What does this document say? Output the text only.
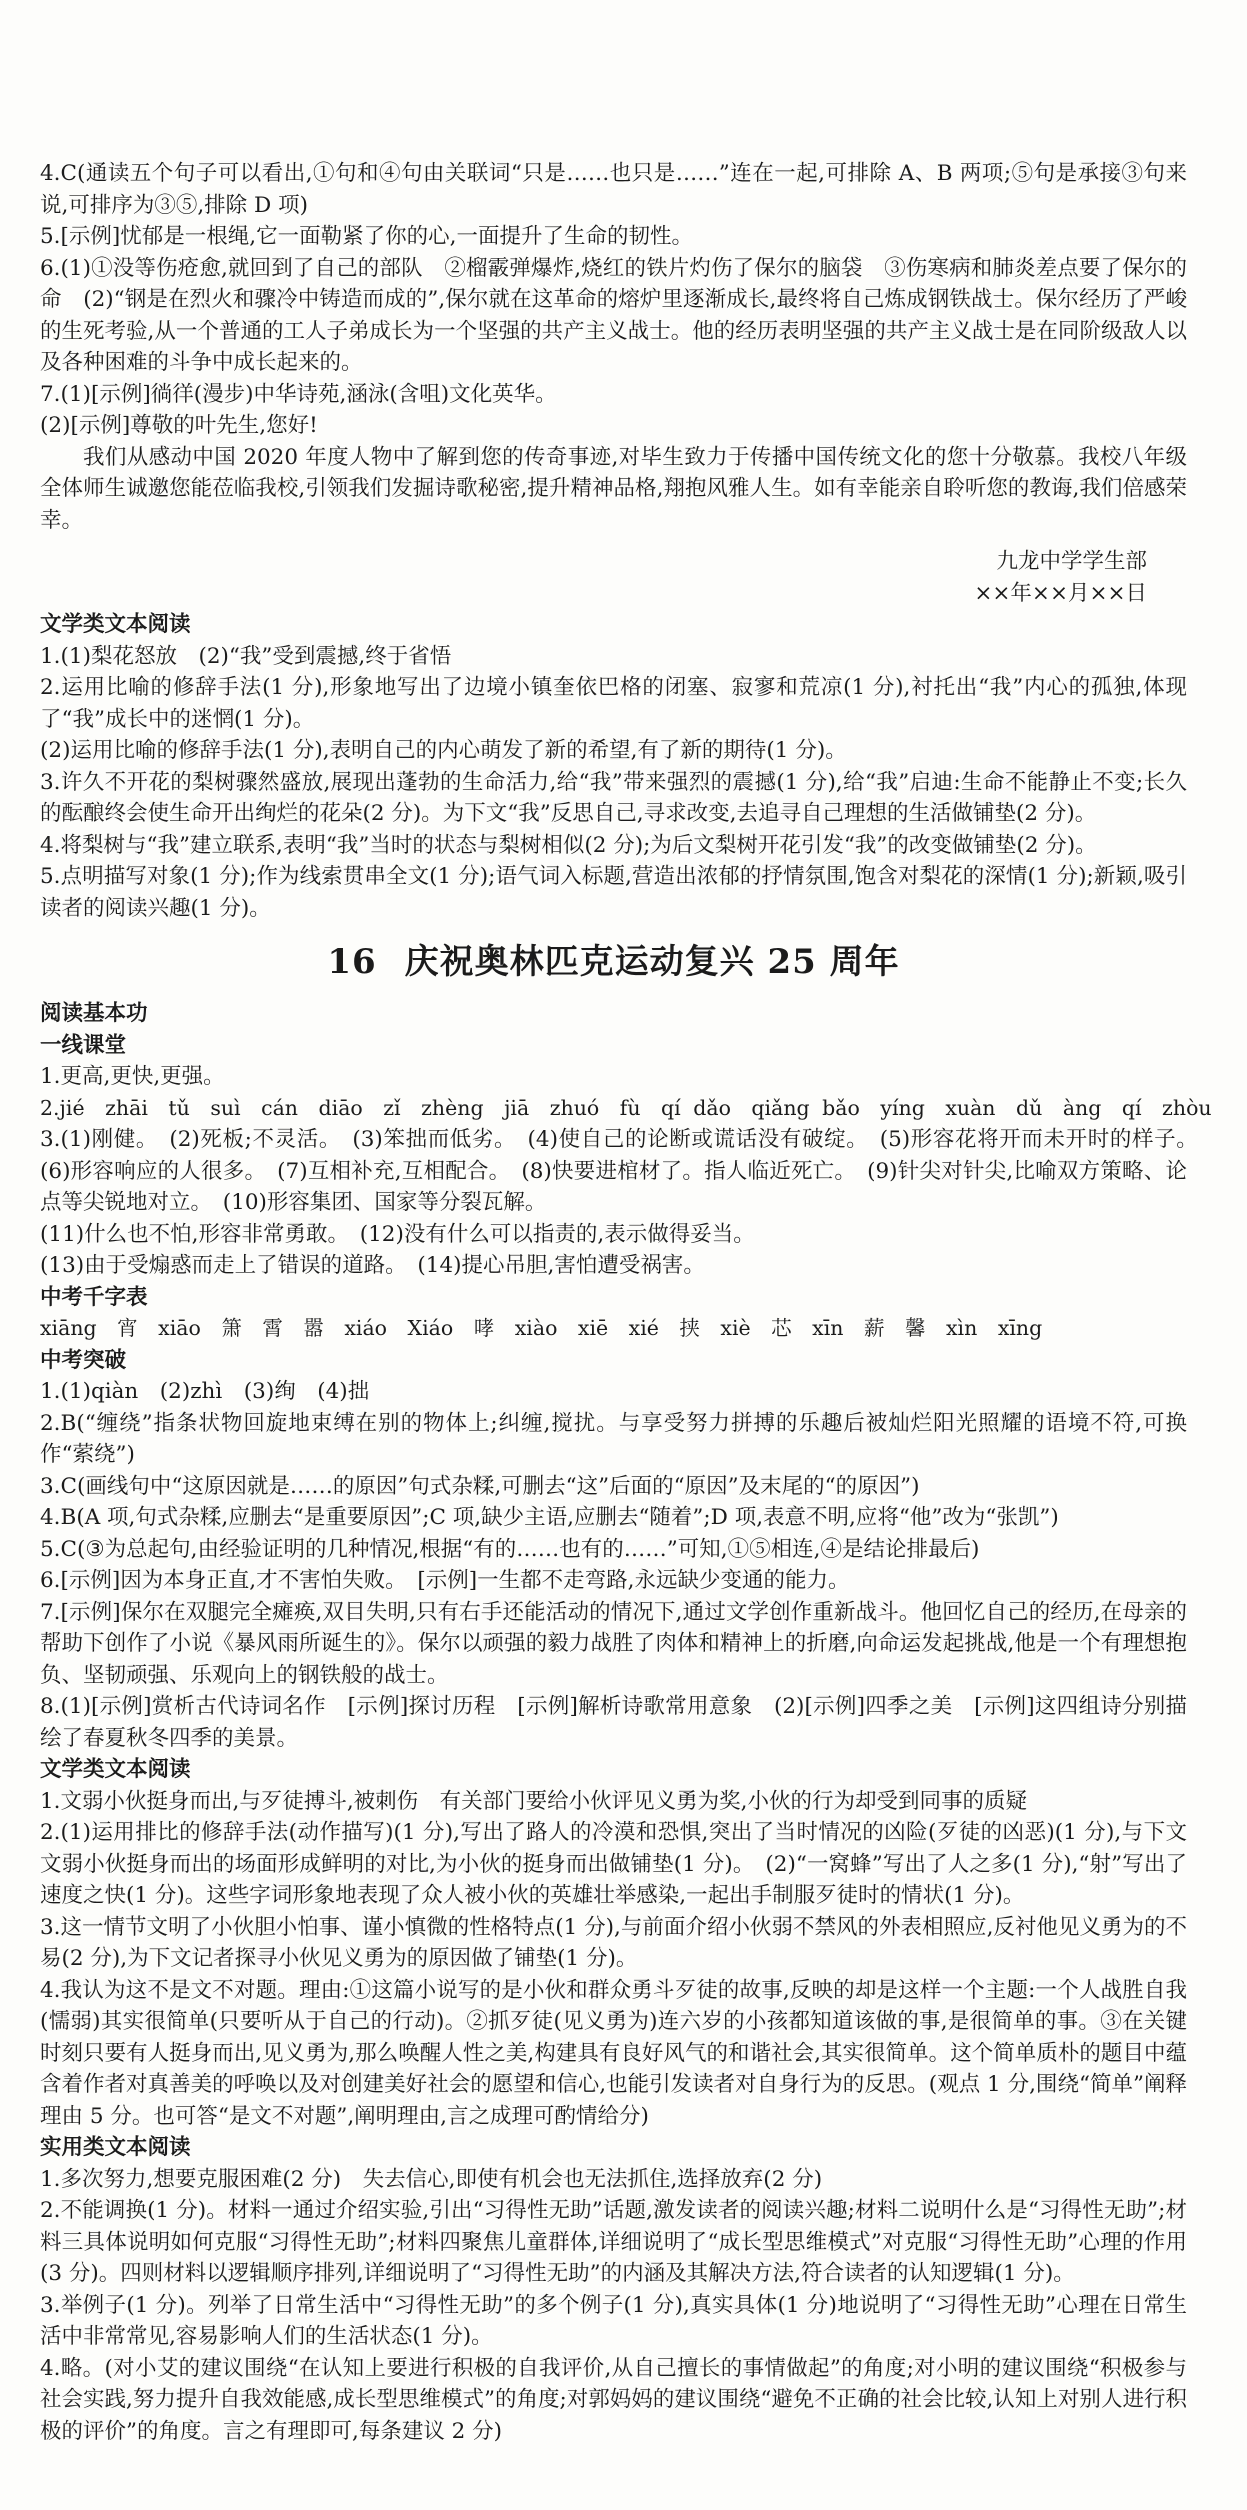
4.C(通读五个句子可以看出,①句和④句由关联词“只是……也只是……”连在一起,可排除 A、B 两项;⑤句是承接③句来说,可排序为③⑤,排除 D 项)

5.[示例]忧郁是一根绳,它一面勒紧了你的心,一面提升了生命的韧性。

6.(1)①没等伤疮愈,就回到了自己的部队　②榴霰弹爆炸,烧红的铁片灼伤了保尔的脑袋　③伤寒病和肺炎差点要了保尔的命　(2)“钢是在烈火和骤冷中铸造而成的”,保尔就在这革命的熔炉里逐渐成长,最终将自己炼成钢铁战士。保尔经历了严峻的生死考验,从一个普通的工人子弟成长为一个坚强的共产主义战士。他的经历表明坚强的共产主义战士是在同阶级敌人以及各种困难的斗争中成长起来的。

7.(1)[示例]徜徉(漫步)中华诗苑,涵泳(含咀)文化英华。

(2)[示例]尊敬的叶先生,您好!

我们从感动中国 2020 年度人物中了解到您的传奇事迹,对毕生致力于传播中国传统文化的您十分敬慕。我校八年级全体师生诚邀您能莅临我校,引领我们发掘诗歌秘密,提升精神品格,翔抱风雅人生。如有幸能亲自聆听您的教诲,我们倍感荣幸。

九龙中学学生部

××年××月××日

文学类文本阅读

1.(1)梨花怒放　(2)“我”受到震撼,终于省悟

2.运用比喻的修辞手法(1 分),形象地写出了边境小镇奎依巴格的闭塞、寂寥和荒凉(1 分),衬托出“我”内心的孤独,体现了“我”成长中的迷惘(1 分)。

(2)运用比喻的修辞手法(1 分),表明自己的内心萌发了新的希望,有了新的期待(1 分)。

3.许久不开花的梨树骤然盛放,展现出蓬勃的生命活力,给“我”带来强烈的震撼(1 分),给“我”启迪:生命不能静止不变;长久的酝酿终会使生命开出绚烂的花朵(2 分)。为下文“我”反思自己,寻求改变,去追寻自己理想的生活做铺垫(2 分)。

4.将梨树与“我”建立联系,表明“我”当时的状态与梨树相似(2 分);为后文梨树开花引发“我”的改变做铺垫(2 分)。

5.点明描写对象(1 分);作为线索贯串全文(1 分);语气词入标题,营造出浓郁的抒情氛围,饱含对梨花的深情(1 分);新颖,吸引读者的阅读兴趣(1 分)。

16 庆祝奥林匹克运动复兴 25 周年

阅读基本功

一线课堂

1.更高,更快,更强。

2.jié　zhāi　tǔ　suì　cán　diāo　zǐ　zhèng　jiā　zhuó　fù　qí dǎo　qiǎng bǎo　yíng　xuàn　dǔ　àng　qí　zhòu

3.(1)刚健。　(2)死板;不灵活。　(3)笨拙而低劣。　(4)使自己的论断或谎话没有破绽。　(5)形容花将开而未开时的样子。　(6)形容响应的人很多。　(7)互相补充,互相配合。　(8)快要进棺材了。指人临近死亡。　(9)针尖对针尖,比喻双方策略、论点等尖锐地对立。　(10)形容集团、国家等分裂瓦解。

(11)什么也不怕,形容非常勇敢。　(12)没有什么可以指责的,表示做得妥当。

(13)由于受煽惑而走上了错误的道路。　(14)提心吊胆,害怕遭受祸害。

中考千字表

xiāng　宵　xiāo　箫　霄　嚣　xiáo　Xiáo　哮　xiào　xiē　xié　挟　xiè　芯　xīn　薪　馨　xìn　xīng

中考突破

1.(1)qiàn　(2)zhì　(3)绚　(4)拙

2.B(“缠绕”指条状物回旋地束缚在别的物体上;纠缠,搅扰。与享受努力拼搏的乐趣后被灿烂阳光照耀的语境不符,可换作“萦绕”)

3.C(画线句中“这原因就是……的原因”句式杂糅,可删去“这”后面的“原因”及末尾的“的原因”)

4.B(A 项,句式杂糅,应删去“是重要原因”;C 项,缺少主语,应删去“随着”;D 项,表意不明,应将“他”改为“张凯”)

5.C(③为总起句,由经验证明的几种情况,根据“有的……也有的……”可知,①⑤相连,④是结论排最后)

6.[示例]因为本身正直,才不害怕失败。　[示例]一生都不走弯路,永远缺少变通的能力。

7.[示例]保尔在双腿完全瘫痪,双目失明,只有右手还能活动的情况下,通过文学创作重新战斗。他回忆自己的经历,在母亲的帮助下创作了小说《暴风雨所诞生的》。保尔以顽强的毅力战胜了肉体和精神上的折磨,向命运发起挑战,他是一个有理想抱负、坚韧顽强、乐观向上的钢铁般的战士。

8.(1)[示例]赏析古代诗词名作　[示例]探讨历程　[示例]解析诗歌常用意象　(2)[示例]四季之美　[示例]这四组诗分别描绘了春夏秋冬四季的美景。

文学类文本阅读

1.文弱小伙挺身而出,与歹徒搏斗,被刺伤　有关部门要给小伙评见义勇为奖,小伙的行为却受到同事的质疑

2.(1)运用排比的修辞手法(动作描写)(1 分),写出了路人的冷漠和恐惧,突出了当时情况的凶险(歹徒的凶恶)(1 分),与下文文弱小伙挺身而出的场面形成鲜明的对比,为小伙的挺身而出做铺垫(1 分)。　(2)“一窝蜂”写出了人之多(1 分),“射”写出了速度之快(1 分)。这些字词形象地表现了众人被小伙的英雄壮举感染,一起出手制服歹徒时的情状(1 分)。

3.这一情节文明了小伙胆小怕事、谨小慎微的性格特点(1 分),与前面介绍小伙弱不禁风的外表相照应,反衬他见义勇为的不易(2 分),为下文记者探寻小伙见义勇为的原因做了铺垫(1 分)。

4.我认为这不是文不对题。理由:①这篇小说写的是小伙和群众勇斗歹徒的故事,反映的却是这样一个主题:一个人战胜自我(懦弱)其实很简单(只要听从于自己的行动)。②抓歹徒(见义勇为)连六岁的小孩都知道该做的事,是很简单的事。③在关键时刻只要有人挺身而出,见义勇为,那么唤醒人性之美,构建具有良好风气的和谐社会,其实很简单。这个简单质朴的题目中蕴含着作者对真善美的呼唤以及对创建美好社会的愿望和信心,也能引发读者对自身行为的反思。(观点 1 分,围绕“简单”阐释理由 5 分。也可答“是文不对题”,阐明理由,言之成理可酌情给分)

实用类文本阅读

1.多次努力,想要克服困难(2 分)　失去信心,即使有机会也无法抓住,选择放弃(2 分)

2.不能调换(1 分)。材料一通过介绍实验,引出“习得性无助”话题,激发读者的阅读兴趣;材料二说明什么是“习得性无助”;材料三具体说明如何克服“习得性无助”;材料四聚焦儿童群体,详细说明了“成长型思维模式”对克服“习得性无助”心理的作用(3 分)。四则材料以逻辑顺序排列,详细说明了“习得性无助”的内涵及其解决方法,符合读者的认知逻辑(1 分)。

3.举例子(1 分)。列举了日常生活中“习得性无助”的多个例子(1 分),真实具体(1 分)地说明了“习得性无助”心理在日常生活中非常常见,容易影响人们的生活状态(1 分)。

4.略。(对小艾的建议围绕“在认知上要进行积极的自我评价,从自己擅长的事情做起”的角度;对小明的建议围绕“积极参与社会实践,努力提升自我效能感,成长型思维模式”的角度;对郭妈妈的建议围绕“避免不正确的社会比较,认知上对别人进行积极的评价”的角度。言之有理即可,每条建议 2 分)
